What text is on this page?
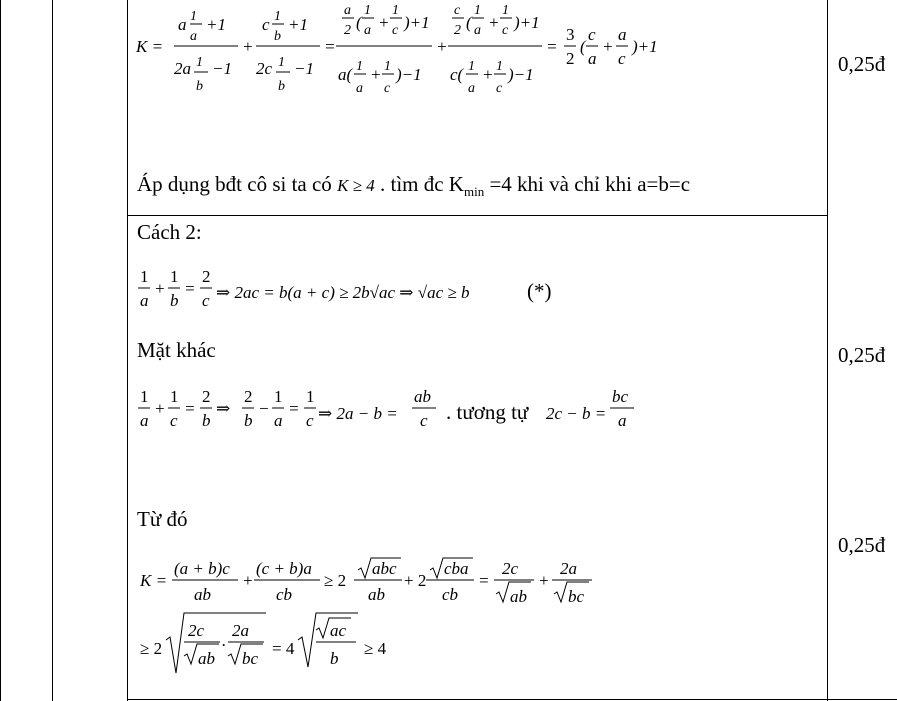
K =
a 1
a
+1
2a 1
b
−1
+
c 1
b
+1
2c 1
b
−1
=
a
2 (
1
a +
1
c )+1
a( 1
a
+ 1
c
)−1
+
c
2 (
1
a +
1
c )+1
c( 1
a
+ 1
c
)−1
=
3
2
(
c
a
+
a
c
)+1
Áp dụng bđt cô si ta có K ≥ 4 . tìm đc $K_{min} =4$ khi và chỉ khi a=b=c
0,25đ
Cách 2:
1
a
+
1
b
=
2
c ⇒ 2ac = b(a + c) ≥ 2b√ac ⇒ √ac ≥ b	(*)
Mặt khác
1
a
+
1
c
=
2
b
⇒
2
b
−
1
a
=
1
c ⇒ 2a − b =
ab
c . tương tự 2c − b =
bc
a
0,25đ
Từ đó
K =
(a + b)c
ab
+
(c + b)a
cb
≥ 2
abc
ab
+ 2
cba
cb
=
2c
ab
+
2a
bc
≥ 2
2c
ab
.
2a
bc
= 4
ac
b
≥ 4
0,25đ
